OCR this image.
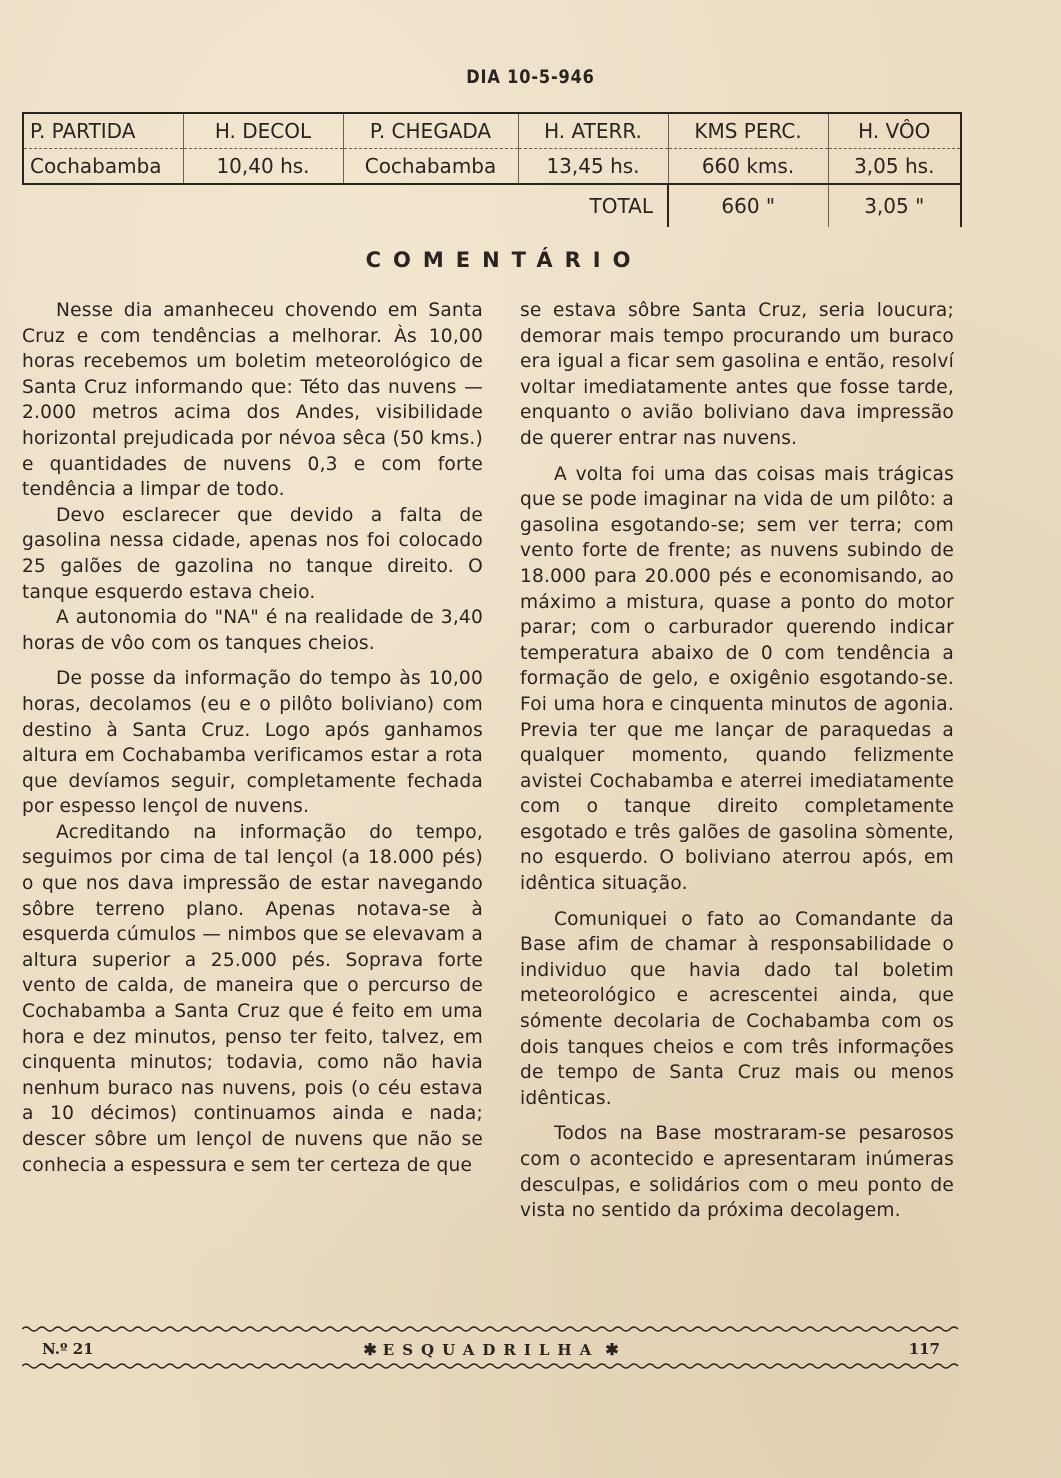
DIA 10-5-946
P. PARTIDA	H. DECOL	P. CHEGADA	H. ATERR.	KMS PERC.	H. VÔO
Cochabamba	10,40 hs.	Cochabamba	13,45 hs.	660 kms.	3,05 hs.
			TOTAL	660 "	3,05 "
COMENTÁRIO

Nesse dia amanheceu chovendo em Santa Cruz e com tendências a melhorar. Às 10,00 horas recebemos um boletim meteorológico de Santa Cruz informando que: Této das nuvens — 2.000 metros acima dos Andes, visibilidade horizontal prejudicada por névoa sêca (50 kms.) e quantidades de nuvens 0,3 e com forte tendência a limpar de todo.

Devo esclarecer que devido a falta de gasolina nessa cidade, apenas nos foi colocado 25 galões de gazolina no tanque direito. O tanque esquerdo estava cheio.

A autonomia do "NA" é na realidade de 3,40 horas de vôo com os tanques cheios.

De posse da informação do tempo às 10,00 horas, decolamos (eu e o pilôto boliviano) com destino à Santa Cruz. Logo após ganhamos altura em Cochabamba verificamos estar a rota que devíamos seguir, completamente fechada por espesso lençol de nuvens.

Acreditando na informação do tempo, seguimos por cima de tal lençol (a 18.000 pés) o que nos dava impressão de estar navegando sôbre terreno plano. Apenas notava-se à esquerda cúmulos — nimbos que se elevavam a altura superior a 25.000 pés. Soprava forte vento de calda, de maneira que o percurso de Cochabamba a Santa Cruz que é feito em uma hora e dez minutos, penso ter feito, talvez, em cinquenta minutos; todavia, como não havia nenhum buraco nas nuvens, pois (o céu estava a 10 décimos) continuamos ainda e nada; descer sôbre um lençol de nuvens que não se conhecia a espessura e sem ter certeza de que

se estava sôbre Santa Cruz, seria loucura; demorar mais tempo procurando um buraco era igual a ficar sem gasolina e então, resolví voltar imediatamente antes que fosse tarde, enquanto o avião boliviano dava impressão de querer entrar nas nuvens.

A volta foi uma das coisas mais trágicas que se pode imaginar na vida de um pilôto: a gasolina esgotando-se; sem ver terra; com vento forte de frente; as nuvens subindo de 18.000 para 20.000 pés e economisando, ao máximo a mistura, quase a ponto do motor parar; com o carburador querendo indicar temperatura abaixo de 0 com tendência a formação de gelo, e oxigênio esgotando-se. Foi uma hora e cinquenta minutos de agonia. Previa ter que me lançar de paraquedas a qualquer momento, quando felizmente avistei Cochabamba e aterrei imediatamente com o tanque direito completamente esgotado e três galões de gasolina sòmente, no esquerdo. O boliviano aterrou após, em idêntica situação.

Comuniquei o fato ao Comandante da Base afim de chamar à responsabilidade o individuo que havia dado tal boletim meteorológico e acrescentei ainda, que sómente decolaria de Cochabamba com os dois tanques cheios e com três informações de tempo de Santa Cruz mais ou menos idênticas.

Todos na Base mostraram-se pesarosos com o acontecido e apresentaram inúmeras desculpas, e solidários com o meu ponto de vista no sentido da próxima decolagem.

N.º 21	✱ ESQUADRILHA ✱	117
